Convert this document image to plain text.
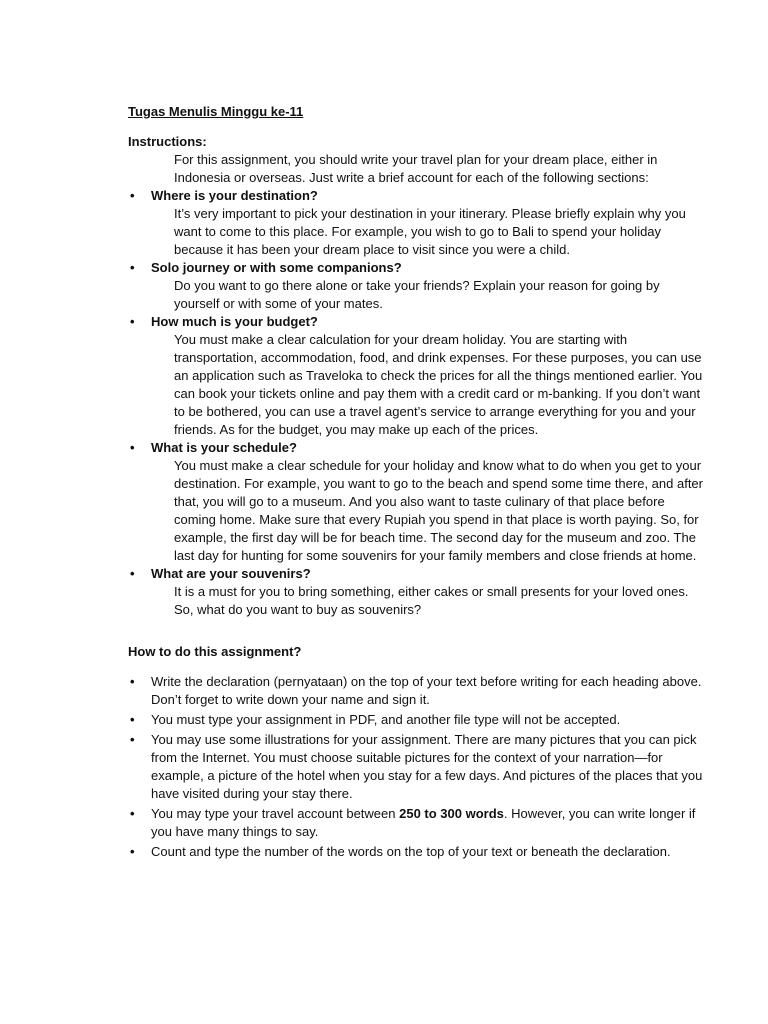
Tugas Menulis Minggu ke-11

Instructions:
For this assignment, you should write your travel plan for your dream place, either in Indonesia or overseas. Just write a brief account for each of the following sections:
• Where is your destination?
It’s very important to pick your destination in your itinerary. Please briefly explain why you want to come to this place. For example, you wish to go to Bali to spend your holiday because it has been your dream place to visit since you were a child.
• Solo journey or with some companions?
Do you want to go there alone or take your friends? Explain your reason for going by yourself or with some of your mates.
• How much is your budget?
You must make a clear calculation for your dream holiday. You are starting with transportation, accommodation, food, and drink expenses. For these purposes, you can use an application such as Traveloka to check the prices for all the things mentioned earlier. You can book your tickets online and pay them with a credit card or m-banking. If you don’t want to be bothered, you can use a travel agent’s service to arrange everything for you and your friends. As for the budget, you may make up each of the prices.
• What is your schedule?
You must make a clear schedule for your holiday and know what to do when you get to your destination. For example, you want to go to the beach and spend some time there, and after that, you will go to a museum. And you also want to taste culinary of that place before coming home. Make sure that every Rupiah you spend in that place is worth paying. So, for example, the first day will be for beach time. The second day for the museum and zoo. The last day for hunting for some souvenirs for your family members and close friends at home.
• What are your souvenirs?
It is a must for you to bring something, either cakes or small presents for your loved ones. So, what do you want to buy as souvenirs?
How to do this assignment?
• Write the declaration (pernyataan) on the top of your text before writing for each heading above. Don’t forget to write down your name and sign it.
• You must type your assignment in PDF, and another file type will not be accepted.
• You may use some illustrations for your assignment. There are many pictures that you can pick from the Internet. You must choose suitable pictures for the context of your narration—for example, a picture of the hotel when you stay for a few days. And pictures of the places that you have visited during your stay there.
• You may type your travel account between 250 to 300 words. However, you can write longer if you have many things to say.
• Count and type the number of the words on the top of your text or beneath the declaration.
